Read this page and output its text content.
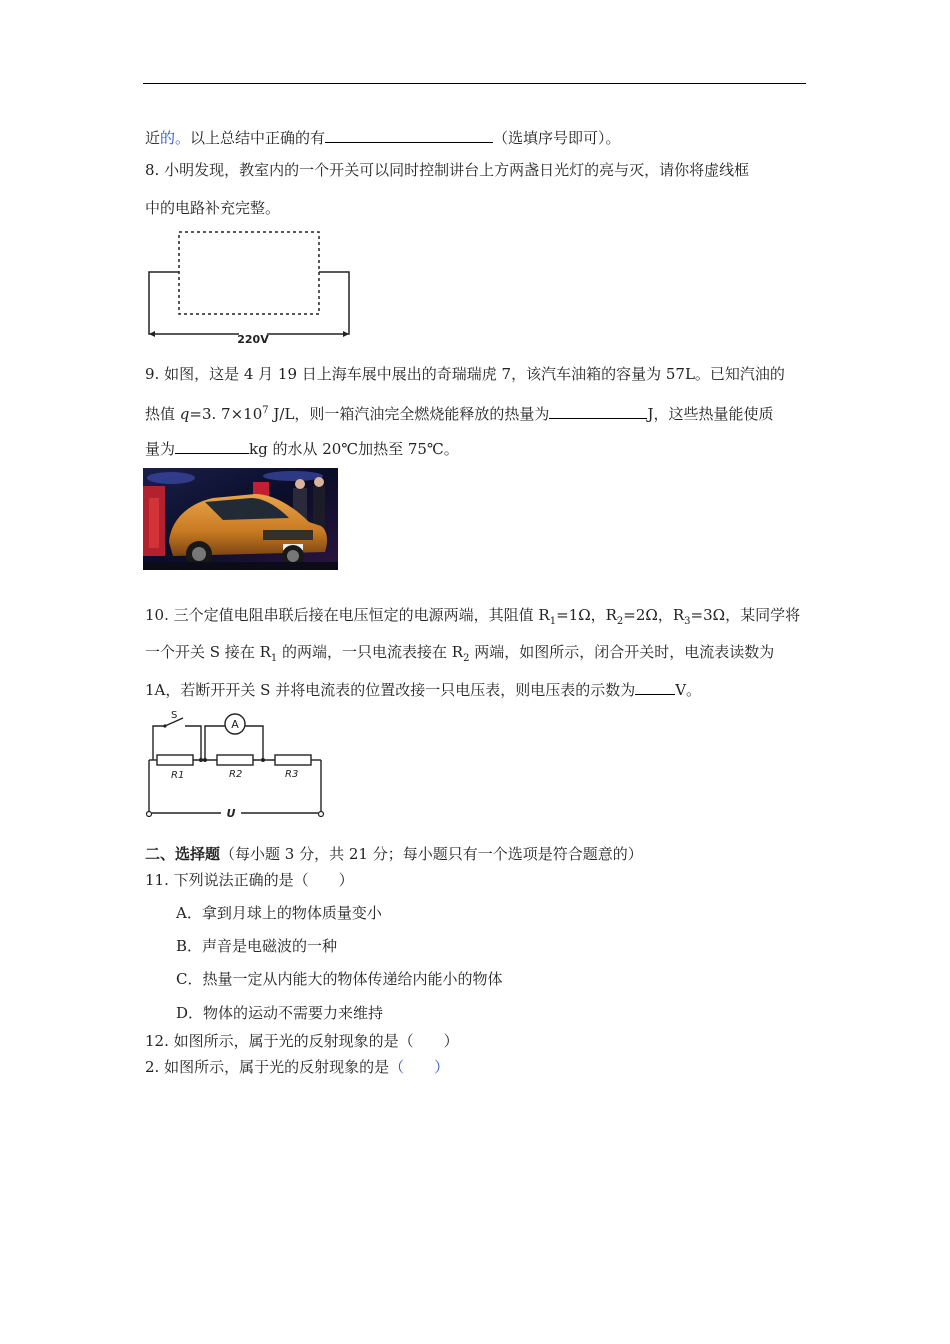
近的。以上总结中正确的有	（选填序号即可）。
8. 小明发现，教室内的一个开关可以同时控制讲台上方两盏日光灯的亮与灭，请你将虚线框
中的电路补充完整。
220V
9. 如图，这是 4 月 19 日上海车展中展出的奇瑞瑞虎 7，该汽车油箱的容量为 57L。已知汽油的
热值 q=3. $7\times 10^7$ J/L，则一箱汽油完全燃烧能释放的热量为	J，这些热量能使质
量为	kg 的水从 20℃加热至 75℃。
10. 三个定值电阻串联后接在电压恒定的电源两端，其阻值 $R_1=1\Omega$，$R_2=2\Omega$，$R_3=3\Omega$，某同学将
一个开关 S 接在 $R_1$ 的两端，一只电流表接在 $R_2$ 两端，如图所示，闭合开关时，电流表读数为
1A，若断开开关 S 并将电流表的位置改接一只电压表，则电压表的示数为	V。
S
A
R1	R2	R3
U
二、选择题（每小题 3 分，共 21 分；每小题只有一个选项是符合题意的）
11. 下列说法正确的是（　　）
A．拿到月球上的物体质量变小
B．声音是电磁波的一种
C．热量一定从内能大的物体传递给内能小的物体
D．物体的运动不需要力来维持
12. 如图所示，属于光的反射现象的是（　　）
2. 如图所示，属于光的反射现象的是（　　）
